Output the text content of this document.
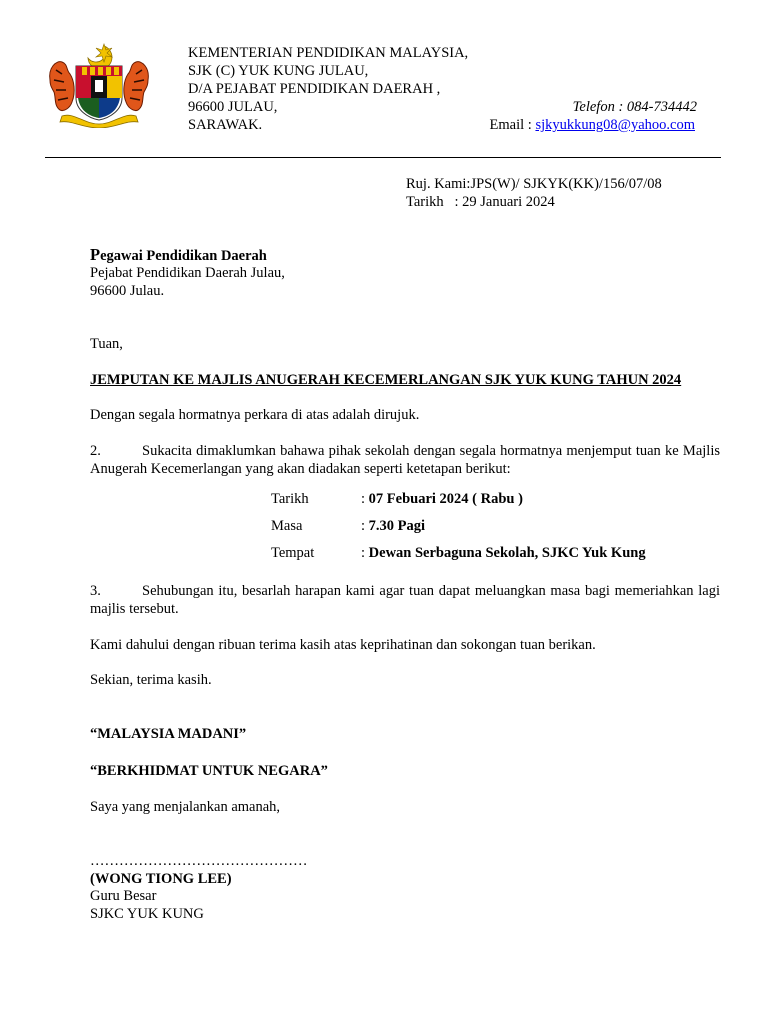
KEMENTERIAN PENDIDIKAN MALAYSIA,
SJK (C) YUK KUNG JULAU,
D/A PEJABAT PENDIDIKAN DAERAH ,
96600 JULAU,
SARAWAK.
Telefon : 084-734442
Email : sjkyukkung08@yahoo.com
Ruj. Kami:JPS(W)/ SJKYK(KK)/156/07/08
Tarikh   : 29 Januari 2024
Pegawai Pendidikan Daerah
Pejabat Pendidikan Daerah Julau,
96600 Julau.
Tuan,
JEMPUTAN KE MAJLIS ANUGERAH KECEMERLANGAN SJK YUK KUNG TAHUN 2024
Dengan segala hormatnya perkara di atas adalah dirujuk.
2.	Sukacita dimaklumkan bahawa pihak sekolah dengan segala hormatnya menjemput tuan ke Majlis Anugerah Kecemerlangan yang akan diadakan seperti ketetapan berikut:
Tarikh	: 07 Febuari 2024 ( Rabu )
Masa	: 7.30 Pagi
Tempat	: Dewan Serbaguna Sekolah, SJKC Yuk Kung
3.	Sehubungan itu, besarlah harapan kami agar tuan dapat meluangkan masa bagi memeriahkan lagi majlis tersebut.
Kami dahului dengan ribuan terima kasih atas keprihatinan dan sokongan tuan berikan.
Sekian, terima kasih.
“MALAYSIA MADANI”
“BERKHIDMAT UNTUK NEGARA”
Saya yang menjalankan amanah,
………………………………………
(WONG TIONG LEE)
Guru Besar
SJKC YUK KUNG
